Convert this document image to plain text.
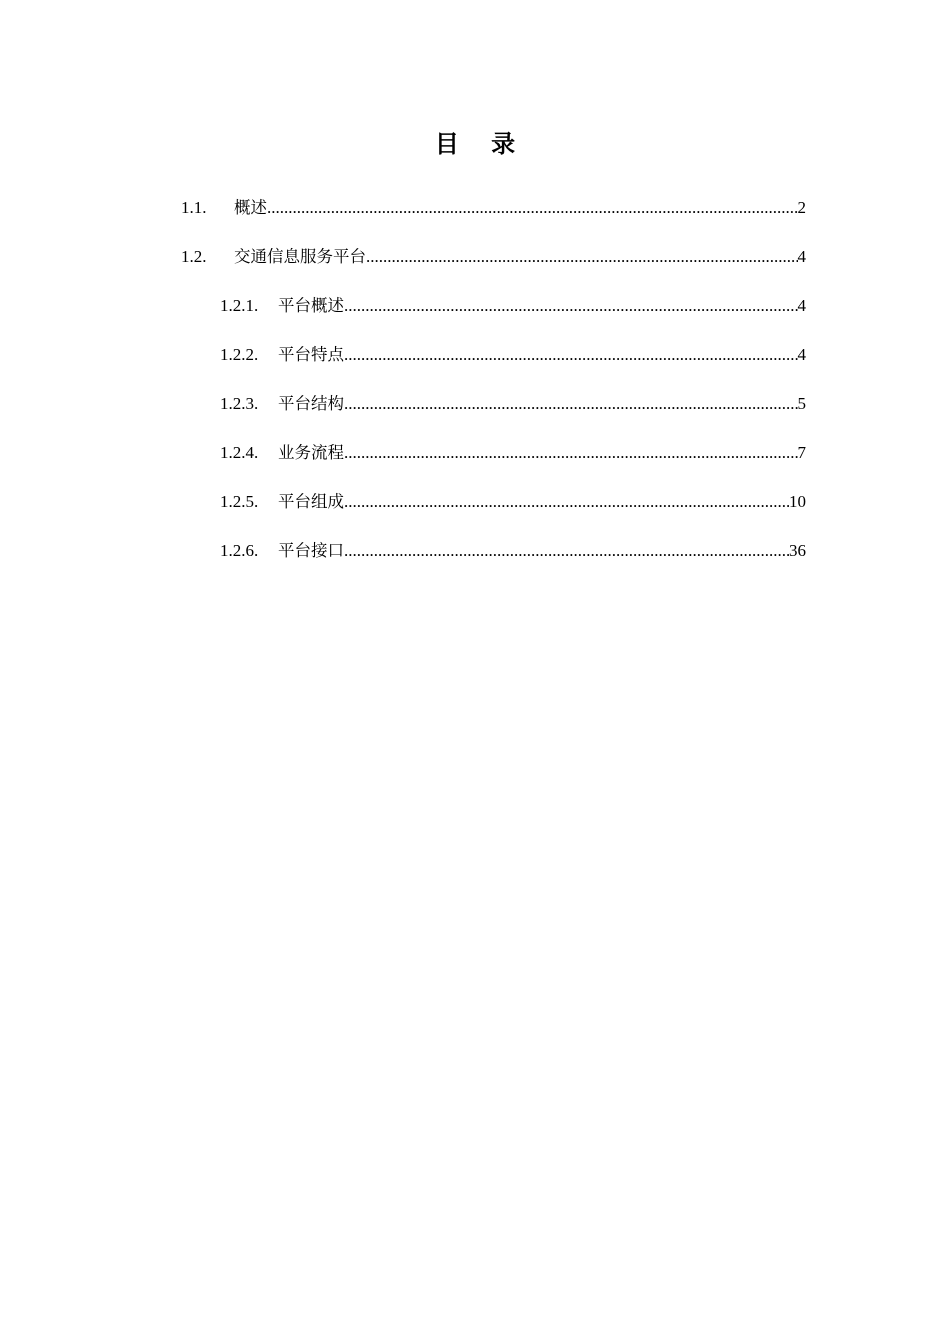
目 录
1.1.	概述 .....	2
1.2.	交通信息服务平台 .....	4
1.2.1.	平台概述 .....	4
1.2.2.	平台特点 .....	4
1.2.3.	平台结构 .....	5
1.2.4.	业务流程 .....	7
1.2.5.	平台组成 .....	10
1.2.6.	平台接口 .....	36
